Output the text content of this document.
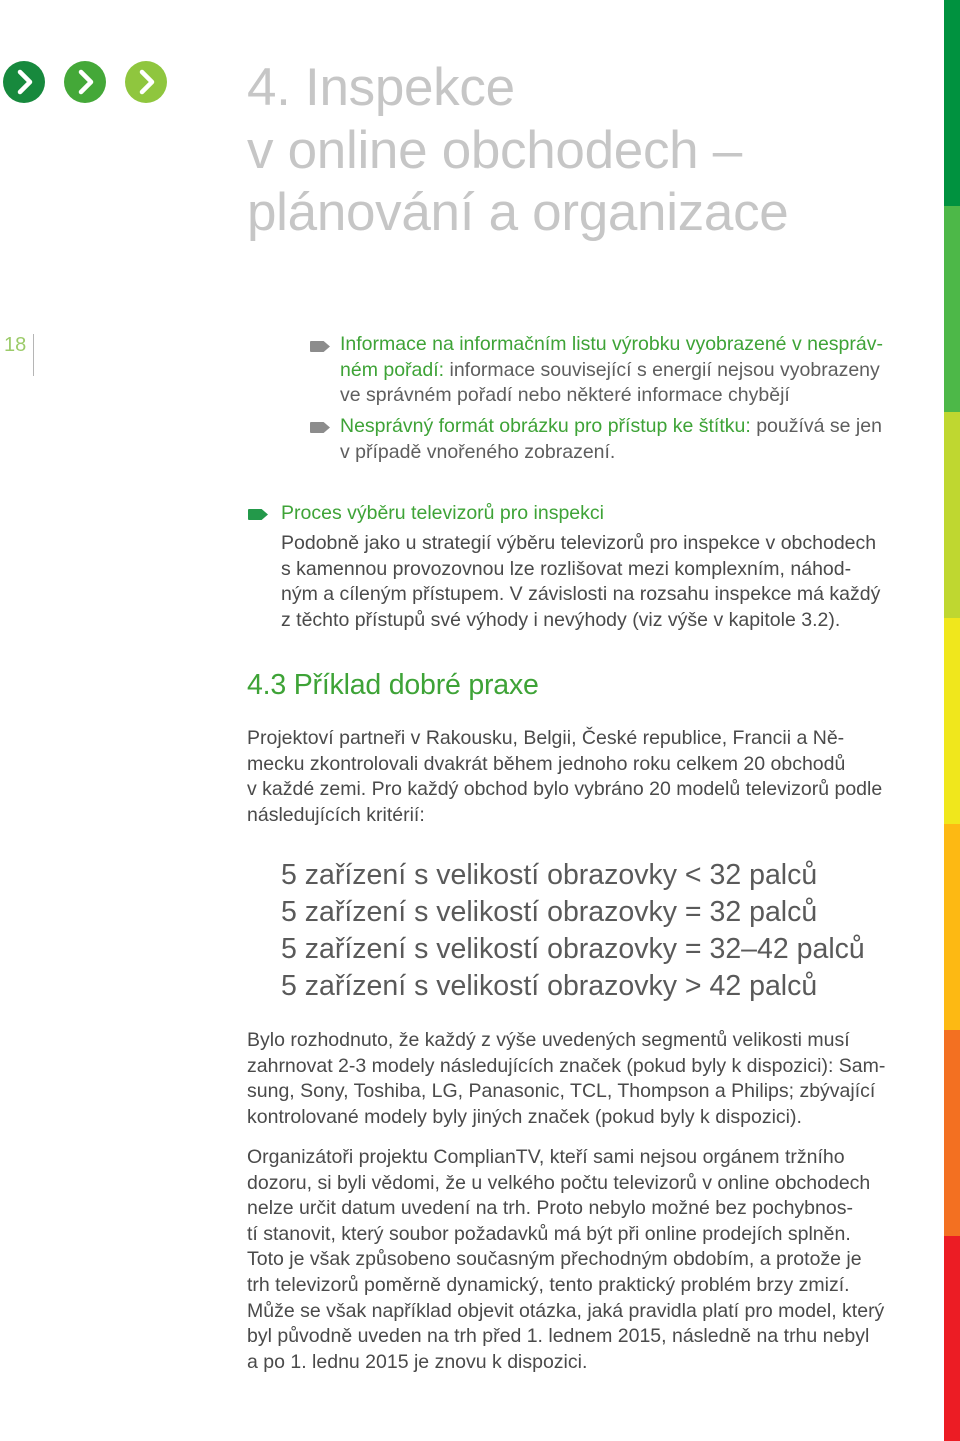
18
4. Inspekce
v online obchodech –
plánování a organizace
Informace na informačním listu výrobku vyobrazené v nespráv-
ném pořadí: informace související s energií nejsou vyobrazeny
ve správném pořadí nebo některé informace chybějí
Nesprávný formát obrázku pro přístup ke štítku: používá se jen
v případě vnořeného zobrazení.
Proces výběru televizorů pro inspekci
Podobně jako u strategií výběru televizorů pro inspekce v obchodech
s kamennou provozovnou lze rozlišovat mezi komplexním, náhod-
ným a cíleným přístupem. V závislosti na rozsahu inspekce má každý
z těchto přístupů své výhody i nevýhody (viz výše v kapitole 3.2).
4.3 Příklad dobré praxe
Projektoví partneři v Rakousku, Belgii, České republice, Francii a Ně-
mecku zkontrolovali dvakrát během jednoho roku celkem 20 obchodů
v každé zemi. Pro každý obchod bylo vybráno 20 modelů televizorů podle
následujících kritérií:
5 zařízení s velikostí obrazovky < 32 palců
5 zařízení s velikostí obrazovky = 32 palců
5 zařízení s velikostí obrazovky = 32–42 palců
5 zařízení s velikostí obrazovky > 42 palců
Bylo rozhodnuto, že každý z výše uvedených segmentů velikosti musí
zahrnovat 2-3 modely následujících značek (pokud byly k dispozici): Sam-
sung, Sony, Toshiba, LG, Panasonic, TCL, Thompson a Philips; zbývající
kontrolované modely byly jiných značek (pokud byly k dispozici).
Organizátoři projektu ComplianTV, kteří sami nejsou orgánem tržního
dozoru, si byli vědomi, že u velkého počtu televizorů v online obchodech
nelze určit datum uvedení na trh. Proto nebylo možné bez pochybnos-
tí stanovit, který soubor požadavků má být při online prodejích splněn.
Toto je však způsobeno současným přechodným obdobím, a protože je
trh televizorů poměrně dynamický, tento praktický problém brzy zmizí.
Může se však například objevit otázka, jaká pravidla platí pro model, který
byl původně uveden na trh před 1. lednem 2015, následně na trhu nebyl
a po 1. lednu 2015 je znovu k dispozici.
